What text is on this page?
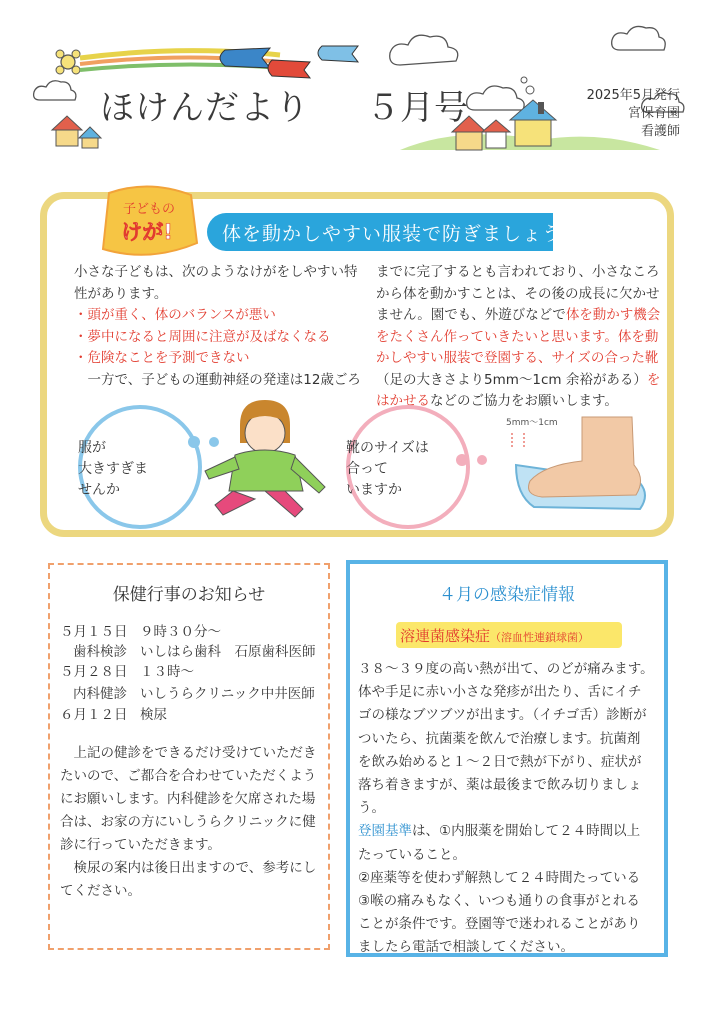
ほけんだより ５月号	2025年5月発行
宮保育園
看護師
体を動かしやすい服装で防ぎましょう
子どもの
けが!
小さな子どもは、次のようなけがをしやすい特
性があります。
・頭が重く、体のバランスが悪い
・夢中になると周囲に注意が及ばなくなる
・危険なことを予測できない
　一方で、子どもの運動神経の発達は12歳ごろ
までに完了するとも言われており、小さなころ
から体を動かすことは、その後の成長に欠かせ
ません。園でも、外遊びなどで体を動かす機会
をたくさん作っていきたいと思います。体を動
かしやすい服装で登園する、サイズの合った靴
（足の大きさより5mm～1cm 余裕がある）を
はかせるなどのご協力をお願いします。
服が
大きすぎま
せんか
靴のサイズは
合って
いますか
5mm～1cm
保健行事のお知らせ
５月１５日 ９時３０分～
歯科検診 いしはら歯科　石原歯科医師
５月２８日 １３時～
内科健診 いしうらクリニック中井医師
６月１２日 検尿
　上記の健診をできるだけ受けていただき
たいので、ご都合を合わせていただくよう
にお願いします。内科健診を欠席された場
合は、お家の方にいしうらクリニックに健
診に行っていただきます。
　検尿の案内は後日出ますので、参考にし
てください。
４月の感染症情報
溶連菌感染症（溶血性連鎖球菌）
３８～３９度の高い熱が出て、のどが痛みます。
体や手足に赤い小さな発疹が出たり、舌にイチ
ゴの様なブツブツが出ます。（イチゴ舌）診断が
ついたら、抗菌薬を飲んで治療します。抗菌剤
を飲み始めると１～２日で熱が下がり、症状が
落ち着きますが、薬は最後まで飲み切りましょ
う。
登園基準は、①内服薬を開始して２４時間以上
たっていること。
②座薬等を使わず解熱して２４時間たっている
③喉の痛みもなく、いつも通りの食事がとれる
ことが条件です。登園等で迷われることがあり
ましたら電話で相談してください。
